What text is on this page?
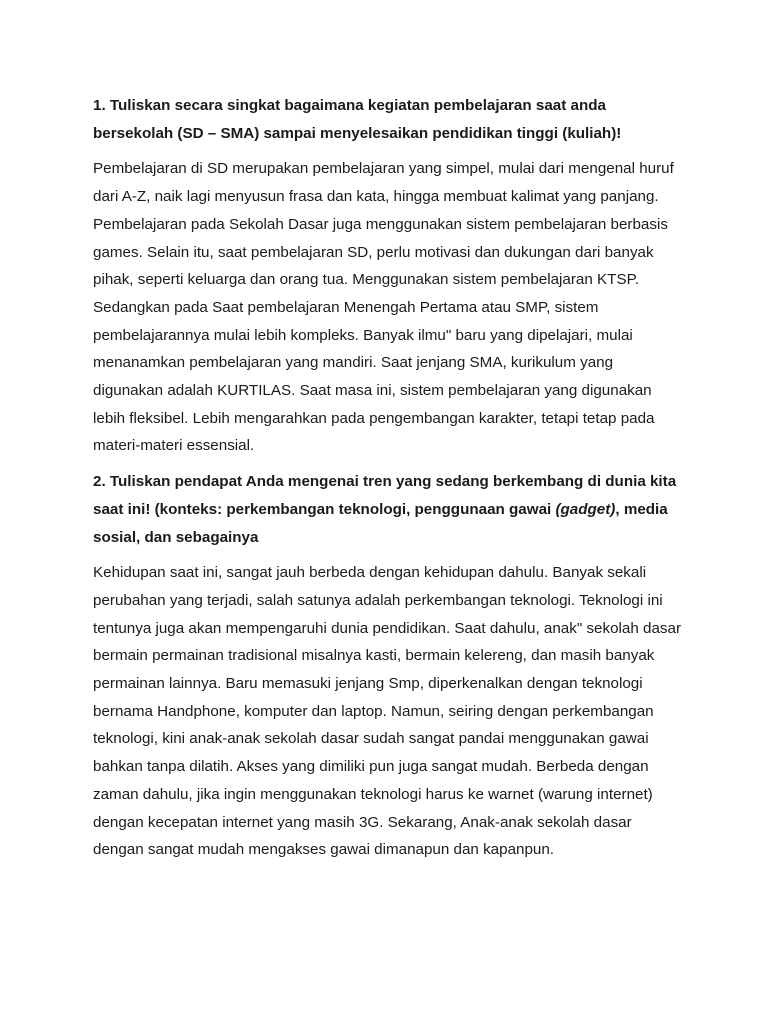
1. Tuliskan secara singkat bagaimana kegiatan pembelajaran saat anda bersekolah (SD – SMA) sampai menyelesaikan pendidikan tinggi (kuliah)!

Pembelajaran di SD merupakan pembelajaran yang simpel, mulai dari mengenal huruf dari A-Z, naik lagi menyusun frasa dan kata, hingga membuat kalimat yang panjang. Pembelajaran pada Sekolah Dasar juga menggunakan sistem pembelajaran berbasis games. Selain itu, saat pembelajaran SD, perlu motivasi dan dukungan dari banyak pihak, seperti keluarga dan orang tua. Menggunakan sistem pembelajaran KTSP. Sedangkan pada Saat pembelajaran Menengah Pertama atau SMP, sistem pembelajarannya mulai lebih kompleks. Banyak ilmu" baru yang dipelajari, mulai menanamkan pembelajaran yang mandiri. Saat jenjang SMA, kurikulum yang digunakan adalah KURTILAS. Saat masa ini, sistem pembelajaran yang digunakan lebih fleksibel. Lebih mengarahkan pada pengembangan karakter, tetapi tetap pada materi-materi essensial.

2. Tuliskan pendapat Anda mengenai tren yang sedang berkembang di dunia kita saat ini! (konteks: perkembangan teknologi, penggunaan gawai (gadget), media sosial, dan sebagainya

Kehidupan saat ini, sangat jauh berbeda dengan kehidupan dahulu. Banyak sekali perubahan yang terjadi, salah satunya adalah perkembangan teknologi. Teknologi ini tentunya juga akan mempengaruhi dunia pendidikan. Saat dahulu, anak" sekolah dasar bermain permainan tradisional misalnya kasti, bermain kelereng, dan masih banyak permainan lainnya. Baru memasuki jenjang Smp, diperkenalkan dengan teknologi bernama Handphone, komputer dan laptop. Namun, seiring dengan perkembangan teknologi, kini anak-anak sekolah dasar sudah sangat pandai menggunakan gawai bahkan tanpa dilatih. Akses yang dimiliki pun juga sangat mudah. Berbeda dengan zaman dahulu, jika ingin menggunakan teknologi harus ke warnet (warung internet) dengan kecepatan internet yang masih 3G. Sekarang, Anak-anak sekolah dasar dengan sangat mudah mengakses gawai dimanapun dan kapanpun.
